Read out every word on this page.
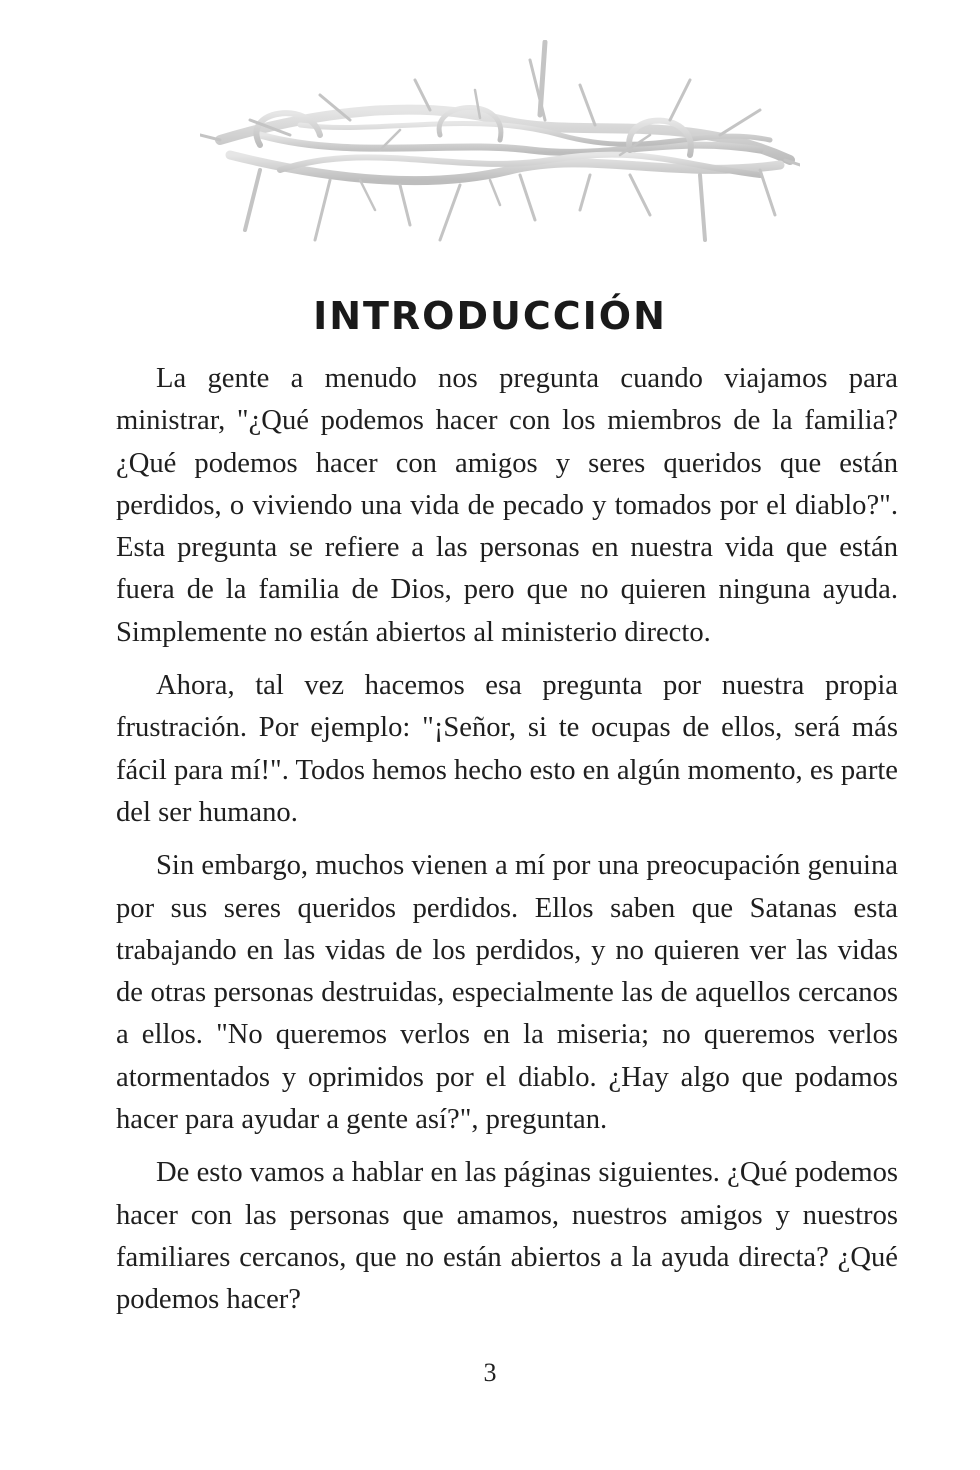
INTRODUCCIÓN

La gente a menudo nos pregunta cuando viajamos para ministrar, "¿Qué podemos hacer con los miembros de la familia? ¿Qué podemos hacer con amigos y seres queridos que están perdidos, o viviendo una vida de pecado y tomados por el diablo?". Esta pregunta se refiere a las personas en nuestra vida que están fuera de la familia de Dios, pero que no quieren ninguna ayuda. Simplemente no están abiertos al ministerio directo.

Ahora, tal vez hacemos esa pregunta por nuestra propia frustración. Por ejemplo: "¡Señor, si te ocupas de ellos, será más fácil para mí!". Todos hemos hecho esto en algún momento, es parte del ser humano.

Sin embargo, muchos vienen a mí por una preocupación genuina por sus seres queridos perdidos. Ellos saben que Satanas esta trabajando en las vidas de los perdidos, y no quieren ver las vidas de otras personas destruidas, especialmente las de aquellos cercanos a ellos. "No queremos verlos en la miseria; no queremos verlos atormentados y oprimidos por el diablo. ¿Hay algo que podamos hacer para ayudar a gente así?", preguntan.

De esto vamos a hablar en las páginas siguientes. ¿Qué podemos hacer con las personas que amamos, nuestros amigos y nuestros familiares cercanos, que no están abiertos a la ayuda directa? ¿Qué podemos hacer?

3
